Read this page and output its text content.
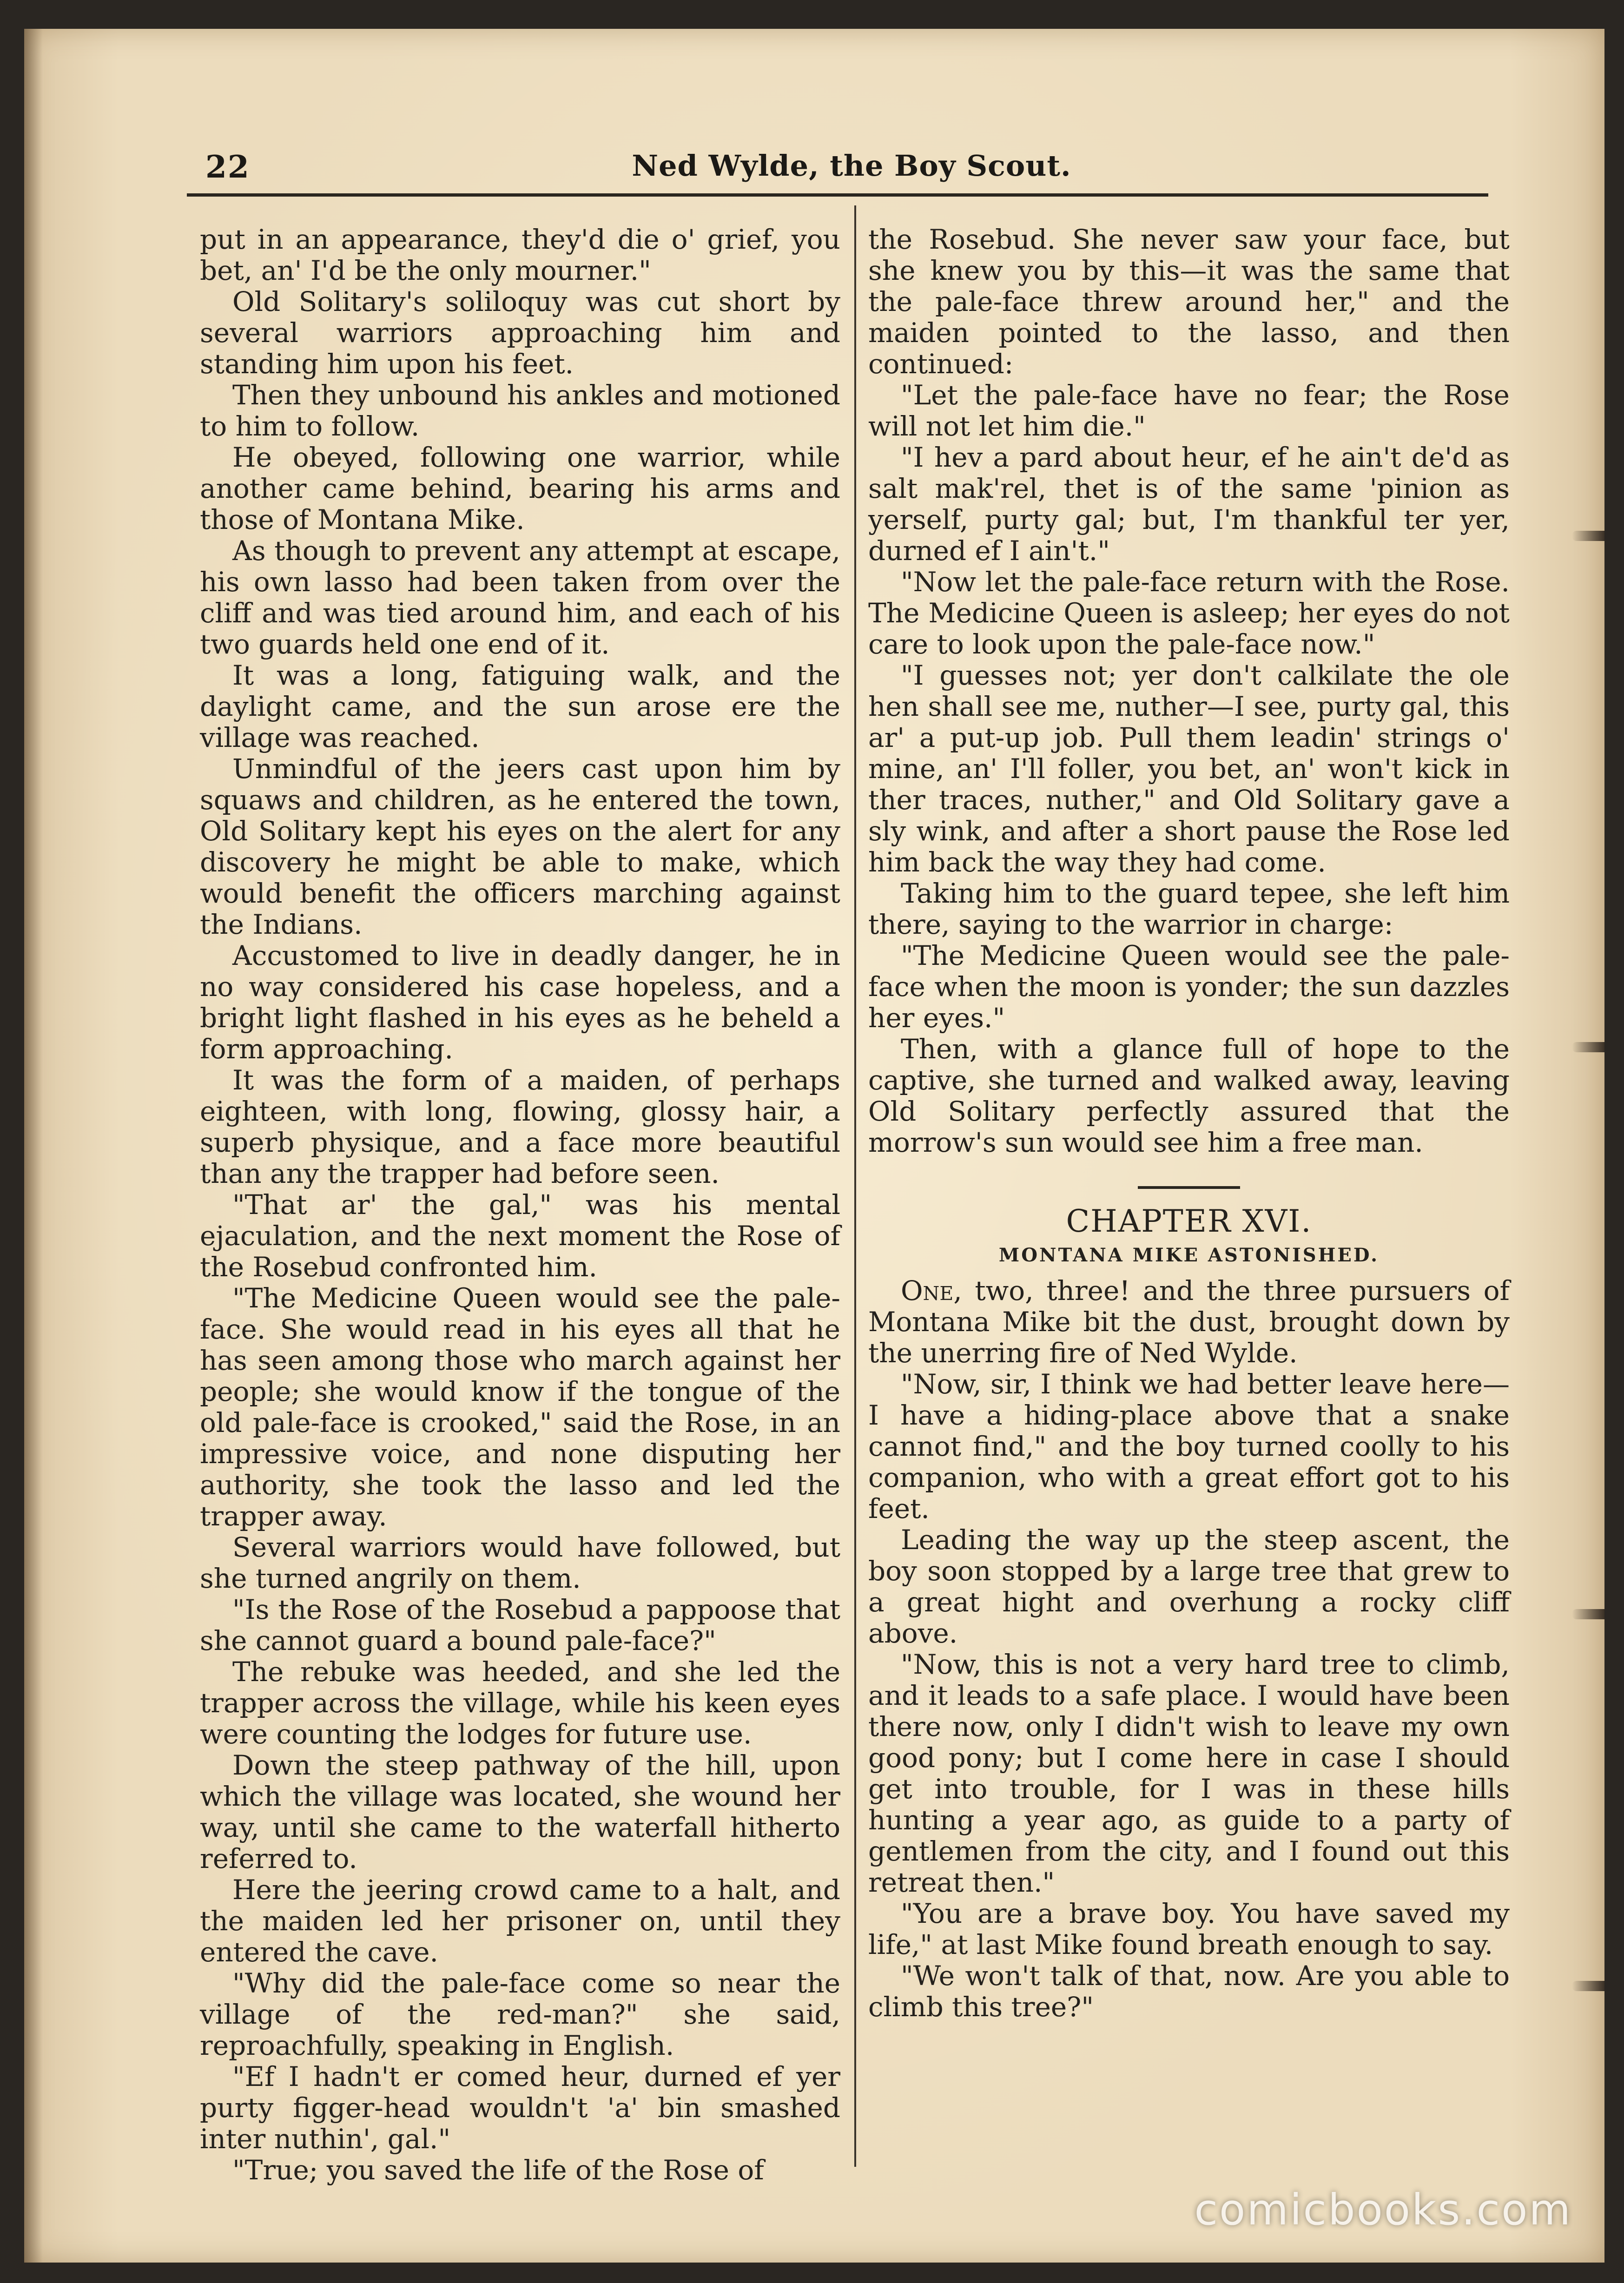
22	Ned Wylde, the Boy Scout.

put in an appearance, they'd die o' grief, you bet, an' I'd be the only mourner."

Old Solitary's soliloquy was cut short by several warriors approaching him and standing him upon his feet.

Then they unbound his ankles and motioned to him to follow.

He obeyed, following one warrior, while another came behind, bearing his arms and those of Montana Mike.

As though to prevent any attempt at escape, his own lasso had been taken from over the cliff and was tied around him, and each of his two guards held one end of it.

It was a long, fatiguing walk, and the daylight came, and the sun arose ere the village was reached.

Unmindful of the jeers cast upon him by squaws and children, as he entered the town, Old Solitary kept his eyes on the alert for any discovery he might be able to make, which would benefit the officers marching against the Indians.

Accustomed to live in deadly danger, he in no way considered his case hopeless, and a bright light flashed in his eyes as he beheld a form approaching.

It was the form of a maiden, of perhaps eighteen, with long, flowing, glossy hair, a superb physique, and a face more beautiful than any the trapper had before seen.

"That ar' the gal," was his mental ejaculation, and the next moment the Rose of the Rosebud confronted him.

"The Medicine Queen would see the pale-face. She would read in his eyes all that he has seen among those who march against her people; she would know if the tongue of the old pale-face is crooked," said the Rose, in an impressive voice, and none disputing her authority, she took the lasso and led the trapper away.

Several warriors would have followed, but she turned angrily on them.

"Is the Rose of the Rosebud a pappoose that she cannot guard a bound pale-face?"

The rebuke was heeded, and she led the trapper across the village, while his keen eyes were counting the lodges for future use.

Down the steep pathway of the hill, upon which the village was located, she wound her way, until she came to the waterfall hitherto referred to.

Here the jeering crowd came to a halt, and the maiden led her prisoner on, until they entered the cave.

"Why did the pale-face come so near the village of the red-man?" she said, reproachfully, speaking in English.

"Ef I hadn't er comed heur, durned ef yer purty figger-head wouldn't 'a' bin smashed inter nuthin', gal."

"True; you saved the life of the Rose of

the Rosebud. She never saw your face, but she knew you by this—it was the same that the pale-face threw around her," and the maiden pointed to the lasso, and then continued:

"Let the pale-face have no fear; the Rose will not let him die."

"I hev a pard about heur, ef he ain't de'd as salt mak'rel, thet is of the same 'pinion as yerself, purty gal; but, I'm thankful ter yer, durned ef I ain't."

"Now let the pale-face return with the Rose. The Medicine Queen is asleep; her eyes do not care to look upon the pale-face now."

"I guesses not; yer don't calkilate the ole hen shall see me, nuther—I see, purty gal, this ar' a put-up job. Pull them leadin' strings o' mine, an' I'll foller, you bet, an' won't kick in ther traces, nuther," and Old Solitary gave a sly wink, and after a short pause the Rose led him back the way they had come.

Taking him to the guard tepee, she left him there, saying to the warrior in charge:

"The Medicine Queen would see the pale-face when the moon is yonder; the sun dazzles her eyes."

Then, with a glance full of hope to the captive, she turned and walked away, leaving Old Solitary perfectly assured that the morrow's sun would see him a free man.

CHAPTER XVI.
MONTANA MIKE ASTONISHED.

One, two, three! and the three pursuers of Montana Mike bit the dust, brought down by the unerring fire of Ned Wylde.

"Now, sir, I think we had better leave here—I have a hiding-place above that a snake cannot find," and the boy turned coolly to his companion, who with a great effort got to his feet.

Leading the way up the steep ascent, the boy soon stopped by a large tree that grew to a great hight and overhung a rocky cliff above.

"Now, this is not a very hard tree to climb, and it leads to a safe place. I would have been there now, only I didn't wish to leave my own good pony; but I come here in case I should get into trouble, for I was in these hills hunting a year ago, as guide to a party of gentlemen from the city, and I found out this retreat then."

"You are a brave boy. You have saved my life," at last Mike found breath enough to say.

"We won't talk of that, now. Are you able to climb this tree?"

comicbooks.com
